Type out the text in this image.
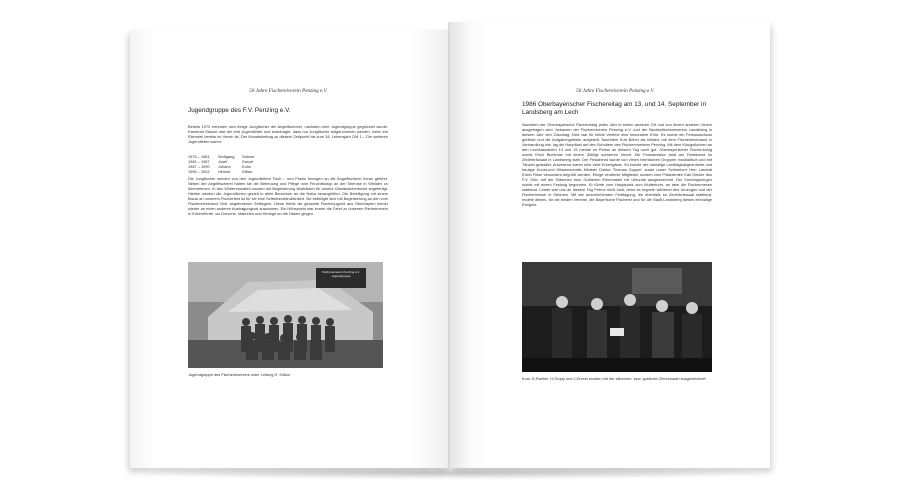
50 Jahre Fischereiverein Penzing e.V
Jugendgruppe des F.V. Penzing e.V.
Bereits 1970 erfreuten sich einige Jungfischer der Angelfischerei, nachdem eine Jugendgruppe gegründet wurde. Kamerad Staude war der erst Jugendleiter und beantragte, dass nur Jungfischer aufgenommen werden, wenn ein Elternteil bereits im Verein ist. Der Monatsbeitrag zu diesem Zeitpunkt bis zum 18. Lebensjahr DM 1.-. Die weiteren Jugendleiter waren:
1975 – 1981	Wolfgang	Sahner
1981 – 1987	Josef	Drexel
1987 – 1990	Johann	Kuhn
1990 – 2002	Helmut	Killian
Die Jungfischer werden von den Jugendleitern Fach – und Praxis bezogen an die Angelfischerei heran geführt. Neben der Angelfischerei hatten sie die Betreuung und Pflege vom Feuchtbiotop an der Seerose in Weilden zu übernehmen. In den Wintermonaten wurden mit Begeisterung Nistkästen für unsere Gewässerbereiche angefertigt. Hierbei werden die Jugendlichen gezielt in allen Bereichen an die Natur herangeführt. Die Beteiligung mit einem Bazar an unserem Fischerfest ist für sie eine Selbstverständlichkeit. Sie beteiligte sich mit Begeisterung an den vom Fischereiverband Obb. angebotenen Zeltlagern. Diese führte die gesamte Fischerjugend aus Oberbayern immer wieder an einen anderen Austragungsort zusammen. Ein Höhepunkt war immer die Fahrt zu unserem Partnerverein in Eckernförde, wo Dorsche, Makrelen und Heringe an die Haken gingen.
Fischereiverein Penzing e.V. Jugendgruppe
Jugendgruppe des Fischereivereins unter Leitung H. Killian
50 Jahre Fischereiverein Penzing e.V
1986 Oberbayerischer Fischereitag am 13. und 14. September in Landsberg am Lech
Nachdem der Oberbayerische Fischereitag jedes Jahr in einem anderen Ort und von einem anderen Verein ausgetragen wird, bekamen der Fischereiverein Penzing e.V. und der Bezirksfischereiverein Landsberg in diesem Jahr den Zuschlag. Dies war für beide Vereine eine besondere Ehre. Es wurde ein Festausschuss gebildet und die Aufgabengebiete aufgeteilt. Nachdem Kurt Böhm als Initiator mit dem Fischereiverband in Verhandlung trat, lag die Hauptlast auf den Schultern des Fischereivereins Penzing. Mit dem Königsfischen an den Lechstaustufen 14 und 15 meinte es Petrus an diesem Tag noch gut. Oberbayerischer Fischerkönig wurde Erich Bichlmair mit einem 3060gr schweren Hecht. Die Proklamation fand am Festabend im Zederbräusaal in Landsberg statt. Der Festabend wurde von vielen heimischen Gruppen musikalisch und mit Tänzen gestaltet. Anwesend waren sehr viele Ehrengäste. So konnte der damalige Landtagsabgeordnete und heutige Kunst-und Wissenschafts Minister Doktor Thomas Goppel, sowie unser Schirmherr Herr Landrat Erwin Filser besonders begrüßt werden. Einige verdiente Mitglieder wurden vom Präsidenten Karl Deisler des F.V. Obb. mit der Silbernen bzw. Goldenen Ehrennadel mit Urkunde ausgezeichnet. Der Sonntagmorgen wurde mit einem Festzug begonnen. Er führte vom Hauptplatz zum Mutterturm, an dem die Fischermesse stattfand. Leider war uns an diesem Tag Petrus nicht hold, denn es regnete während des Umzuges und der Fischermesse in Strömen. Mit der anschließenden Festtagung, die ebenfalls im Zederbräusaal stattfand, endete dieses, für die beiden Vereine, die Bayerische Fischerei und für die Stadt Landsberg dieses einmalige Ereignis.
Kum. B.Raithel, H.Gropp und J.Drexel wurden mit der silbernen, bzw. goldenen Ehrennadel ausgezeichnet
